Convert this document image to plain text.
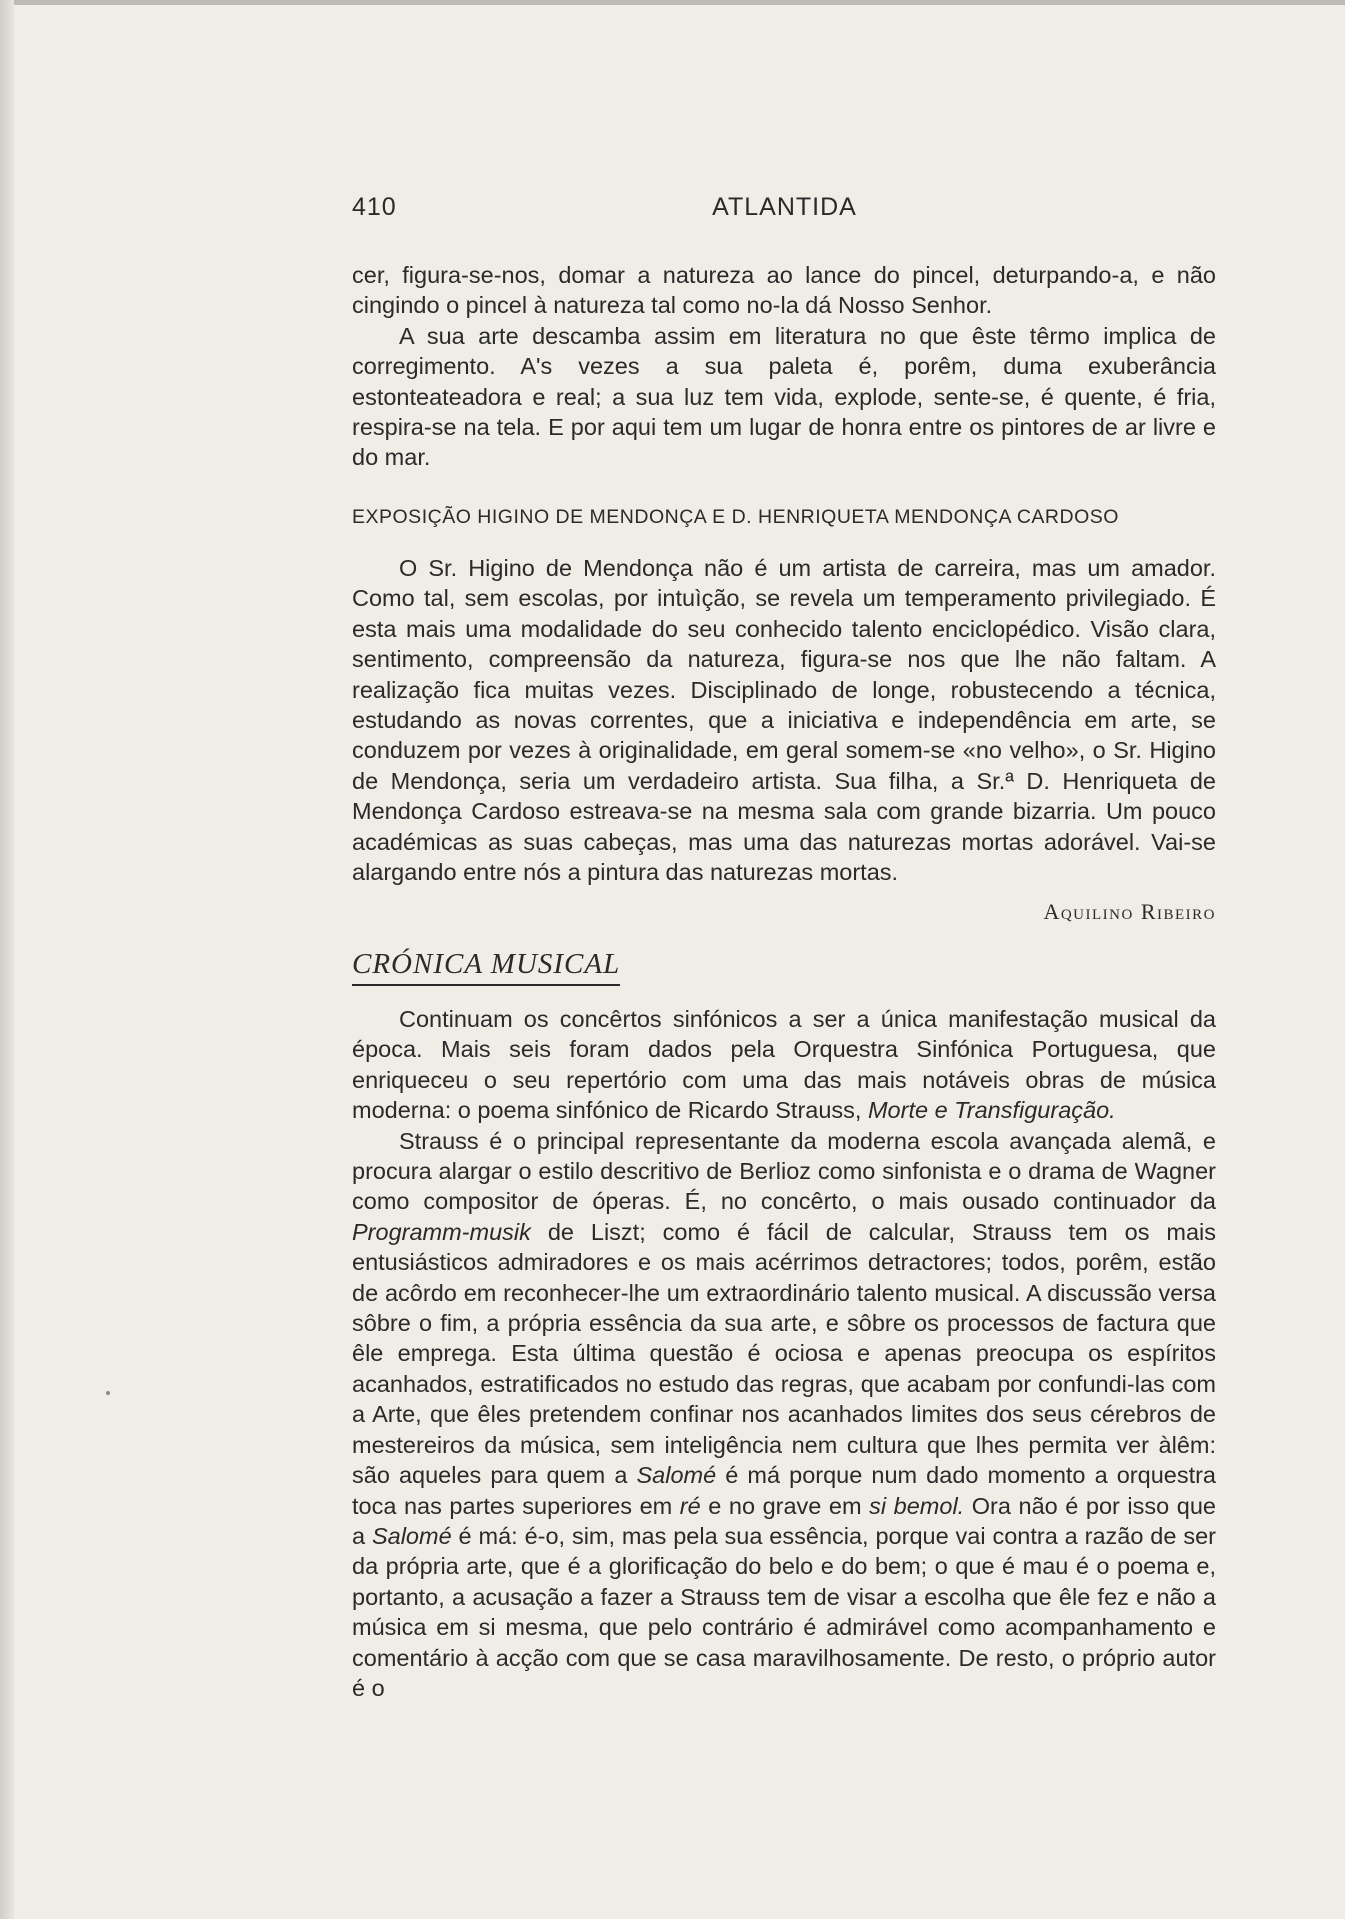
410	ATLANTIDA

cer, figura-se-nos, domar a natureza ao lance do pincel, deturpando-a, e não cingindo o pincel à natureza tal como no-la dá Nosso Senhor.

A sua arte descamba assim em literatura no que êste têrmo implica de corregimento. A's vezes a sua paleta é, porêm, duma exuberância estonteateadora e real; a sua luz tem vida, explode, sente-se, é quente, é fria, respira-se na tela. E por aqui tem um lugar de honra entre os pintores de ar livre e do mar.

EXPOSIÇÃO HIGINO DE MENDONÇA E D. HENRIQUETA MENDONÇA CARDOSO

O Sr. Higino de Mendonça não é um artista de carreira, mas um amador. Como tal, sem escolas, por intuìção, se revela um temperamento privilegiado. É esta mais uma modalidade do seu conhecido talento enciclopédico. Visão clara, sentimento, compreensão da natureza, figura-se nos que lhe não faltam. A realização fica muitas vezes. Disciplinado de longe, robustecendo a técnica, estudando as novas correntes, que a iniciativa e independência em arte, se conduzem por vezes à originalidade, em geral somem-se «no velho», o Sr. Higino de Mendonça, seria um verdadeiro artista. Sua filha, a Sr.ª D. Henriqueta de Mendonça Cardoso estreava-se na mesma sala com grande bizarria. Um pouco académicas as suas cabeças, mas uma das naturezas mortas adorável. Vai-se alargando entre nós a pintura das naturezas mortas.

Aquilino Ribeiro
CRÓNICA MUSICAL

Continuam os concêrtos sinfónicos a ser a única manifestação musical da época. Mais seis foram dados pela Orquestra Sinfónica Portuguesa, que enriqueceu o seu repertório com uma das mais notáveis obras de música moderna: o poema sinfónico de Ricardo Strauss, Morte e Transfiguração.

Strauss é o principal representante da moderna escola avançada alemã, e procura alargar o estilo descritivo de Berlioz como sinfonista e o drama de Wagner como compositor de óperas. É, no concêrto, o mais ousado continuador da Programm-musik de Liszt; como é fácil de calcular, Strauss tem os mais entusiásticos admiradores e os mais acérrimos detractores; todos, porêm, estão de acôrdo em reconhecer-lhe um extraordinário talento musical. A discussão versa sôbre o fim, a própria essência da sua arte, e sôbre os processos de factura que êle emprega. Esta última questão é ociosa e apenas preocupa os espíritos acanhados, estratificados no estudo das regras, que acabam por confundi-las com a Arte, que êles pretendem confinar nos acanhados limites dos seus cérebros de mestereiros da música, sem inteligência nem cultura que lhes permita ver àlêm: são aqueles para quem a Salomé é má porque num dado momento a orquestra toca nas partes superiores em ré e no grave em si bemol. Ora não é por isso que a Salomé é má: é-o, sim, mas pela sua essência, porque vai contra a razão de ser da própria arte, que é a glorificação do belo e do bem; o que é mau é o poema e, portanto, a acusação a fazer a Strauss tem de visar a escolha que êle fez e não a música em si mesma, que pelo contrário é admirável como acompanhamento e comentário à acção com que se casa maravilhosamente. De resto, o próprio autor é o
